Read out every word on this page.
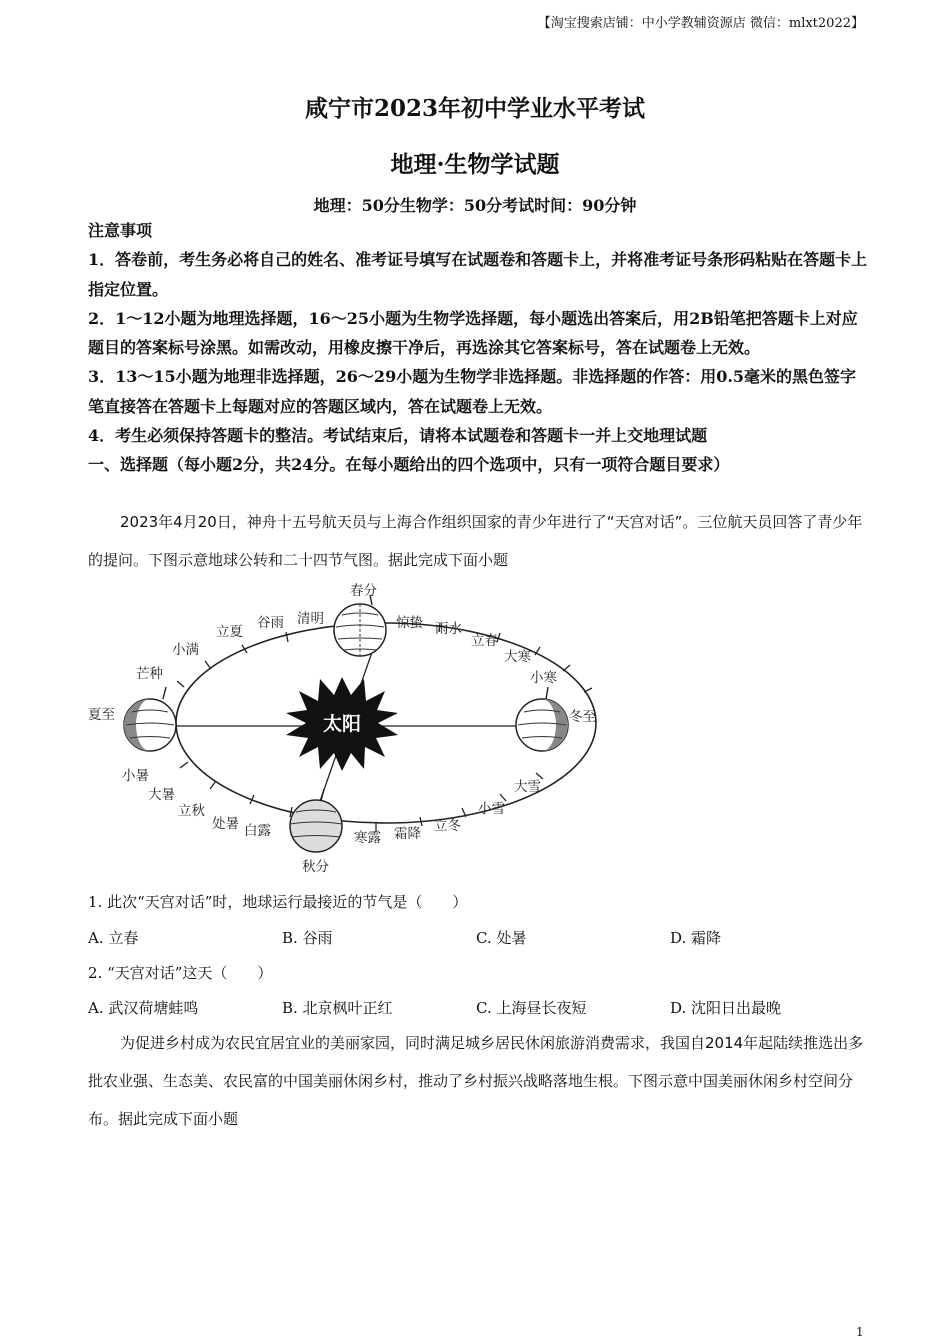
【淘宝搜索店铺：中小学教辅资源店 微信：mlxt2022】
咸宁市2023年初中学业水平考试
地理·生物学试题
地理：50分生物学：50分考试时间：90分钟

注意事项

1．答卷前，考生务必将自己的姓名、准考证号填写在试题卷和答题卡上，并将准考证号条形码粘贴在答题卡上指定位置。

2．1～12小题为地理选择题，16～25小题为生物学选择题，每小题选出答案后，用2B铅笔把答题卡上对应题目的答案标号涂黑。如需改动，用橡皮擦干净后，再选涂其它答案标号，答在试题卷上无效。

3．13～15小题为地理非选择题，26～29小题为生物学非选择题。非选择题的作答：用0.5毫米的黑色签字笔直接答在答题卡上每题对应的答题区域内，答在试题卷上无效。

4．考生必须保持答题卡的整洁。考试结束后，请将本试题卷和答题卡一并上交地理试题

一、选择题（每小题2分，共24分。在每小题给出的四个选项中，只有一项符合题目要求）

2023年4月20日，神舟十五号航天员与上海合作组织国家的青少年进行了“天宫对话”。三位航天员回答了青少年的提问。下图示意地球公转和二十四节气图。据此完成下面小题

太阳
春分
清明
谷雨
立夏
小满
芒种
夏至
小暑
大暑
立秋
处暑 白露
秋分
寒露 霜降 立冬
小雪
大雪
冬至
小寒
大寒
立春
雨水
惊蛰
1. 此次“天宫对话”时，地球运行最接近的节气是（　　）
A. 立春	B. 谷雨	C. 处暑	D. 霜降
2. “天宫对话”这天（　　）
A. 武汉荷塘蛙鸣	B. 北京枫叶正红	C. 上海昼长夜短	D. 沈阳日出最晚

为促进乡村成为农民宜居宜业的美丽家园，同时满足城乡居民休闲旅游消费需求，我国自2014年起陆续推选出多批农业强、生态美、农民富的中国美丽休闲乡村，推动了乡村振兴战略落地生根。下图示意中国美丽休闲乡村空间分布。据此完成下面小题

1
